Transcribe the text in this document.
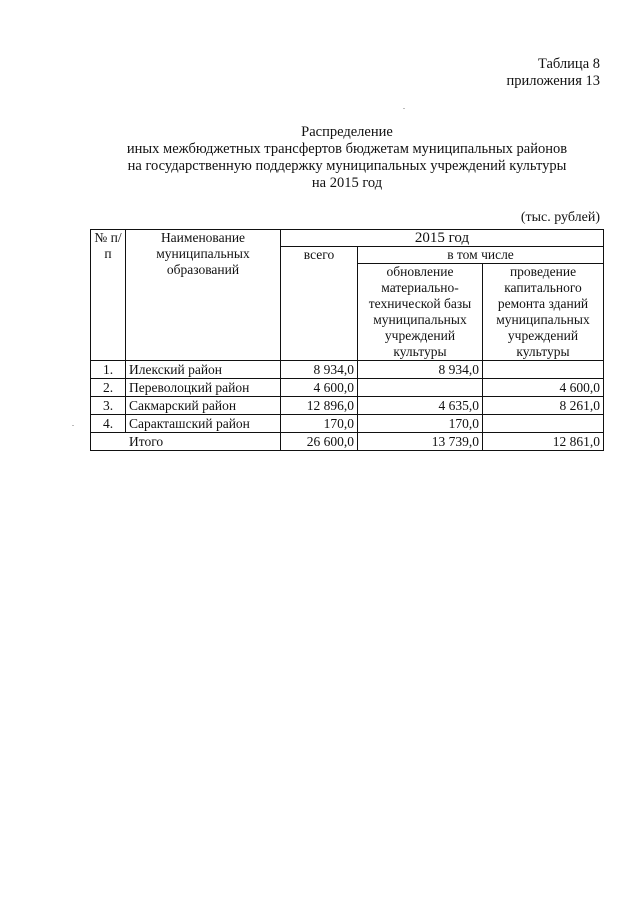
Таблица 8
приложения 13
Распределение
иных межбюджетных трансфертов бюджетам муниципальных районов
на государственную поддержку муниципальных учреждений культуры
на 2015 год
(тыс. рублей)
№ п/п	Наименование муниципальных образований	2015 год		
		всего	в том числе	
			обновление материально-технической базы муниципальных учреждений культуры	проведение капитального ремонта зданий муниципальных учреждений культуры
1.	Илекский район	8 934,0	8 934,0	
2.	Переволоцкий район	4 600,0		4 600,0
3.	Сакмарский район	12 896,0	4 635,0	8 261,0
4.	Саракташский район	170,0	170,0	
Итого		26 600,0	13 739,0	12 861,0
